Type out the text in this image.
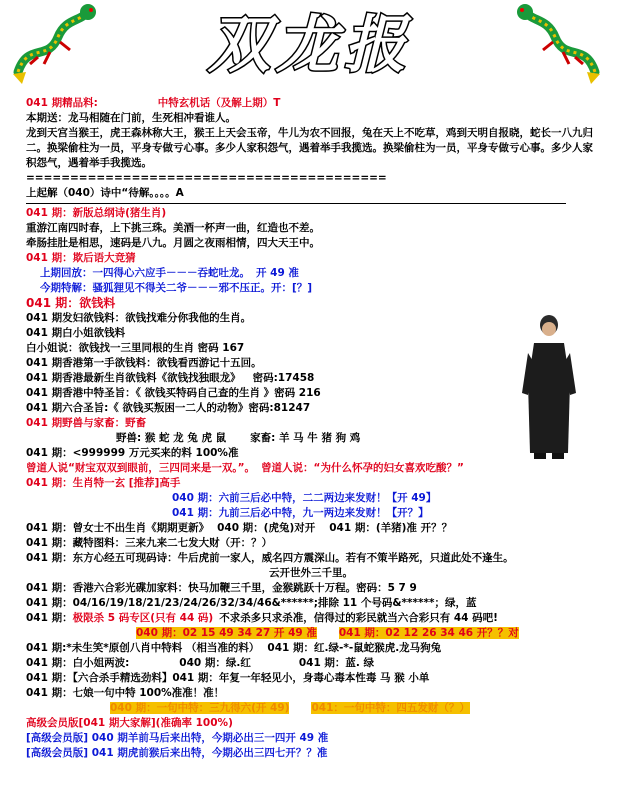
双龙报
041 期精品料:	中特玄机话（及解上期）T
本期送：龙马相随在门前，生死相冲看谁人。
龙到天宫当猴王，虎王森林称大王，猴王上天会玉帝，牛儿为农不回报，兔在天上不吃草，鸡到天明自报晓，蛇长一八九归二。换梁偷柱为一员，平身专做亏心事。多少人家积怨气，遇着举手我揽选。换梁偷柱为一员，平身专做亏心事。多少人家积怨气，遇着举手我揽选。
=========================================
上起解（040）诗中“待解。。。。A
041 期：新版总纲诗(猪生肖)
重游江南四时春，上下挑三珠。美酒一杯声一曲，红造也不差。
牵肠挂肚是相思，速码是八九。月圆之夜雨相情，四大天王中。
041 期：欺后语大竞猜
上期回放：一四得心六应手－－－吞蛇吐龙。 开 49 准
今期特解：骚狐狸见不得关二爷－－－邪不压正。开：[？]
041 期：欲钱料
041 期发妇欲钱料：欲钱找难分你我他的生肖。
041 期白小姐欲钱料
白小姐说：欲钱找一三里同根的生肖 密码 167
041 期香港第一手欲钱料：欲钱看西游记十五回。
041 期香港最新生肖欲钱料《欲钱找独眼龙》 密码:17458
041 期香港中特圣旨：《 欲钱买特码自己查的生肖 》密码 216
041 期六合圣旨:《 欲钱买叛困一二人的动物》密码:81247
041 期野兽与家畜：野畜
野兽: 猴 蛇 龙 兔 虎 鼠 家畜: 羊 马 牛 猪 狗 鸡
041 期：<999999 万元买来的料 100%准
曾道人说“财宝双双到眼前，三四同来是一双。”。 曾道人说：“为什么怀孕的妇女喜欢吃酸？”
041 期：生肖特一玄 [推荐]高手
040 期：六前三后必中特，二二两边来发财！【开 49】
041 期：九前三后必中特，九一两边来发财！【开？】
041 期：曾女士不出生肖《期期更新》 040 期：(虎兔)对开 041 期：(羊猪)准 开？？
041 期：藏特图料：三来九来二七发大财（开：？）
041 期：东方心经五可现码诗：牛后虎前一家人，威名四方震深山。若有不策半路死，只道此处不逢生。
云开世外三千里。
041 期：香港六合彩光碟加家料：快马加鞭三千里，金猴跳跃十万程。密码：5 7 9
041 期：04/16/19/18/21/23/24/26/32/34/46&******;排除 11 个号码&******；绿，蓝
041 期：极限杀 5 码专区(只有 44 码) 不求杀多只求杀准，信得过的彩民就当六合彩只有 44 码吧!
040 期：02 15 49 34 27 开 49 准 041 期：02 12 26 34 46 开？？对
041 期:*未生笑*原创八肖中特料 （相当准的料） 041 期：红.绿-*-鼠蛇猴虎.龙马狗兔
041 期：白小姐两波:	040 期：绿.红	041 期：蓝. 绿
041 期：【六合杀手精选劲料】041 期：年复一年轻见小，身毒心毒本性毒 马 猴 小单
041 期：七娘一句中特 100%准准！准！
040 期：一句中特：三九得六(开 49) 041：一句中特：四五发财（？）
高级会员版[041 期大家解](准确率 100%)
[高级会员版] 040 期羊前马后来出特，今期必出三一四开 49 准
[高级会员版] 041 期虎前猴后来出特，今期必出三四七开？？准
